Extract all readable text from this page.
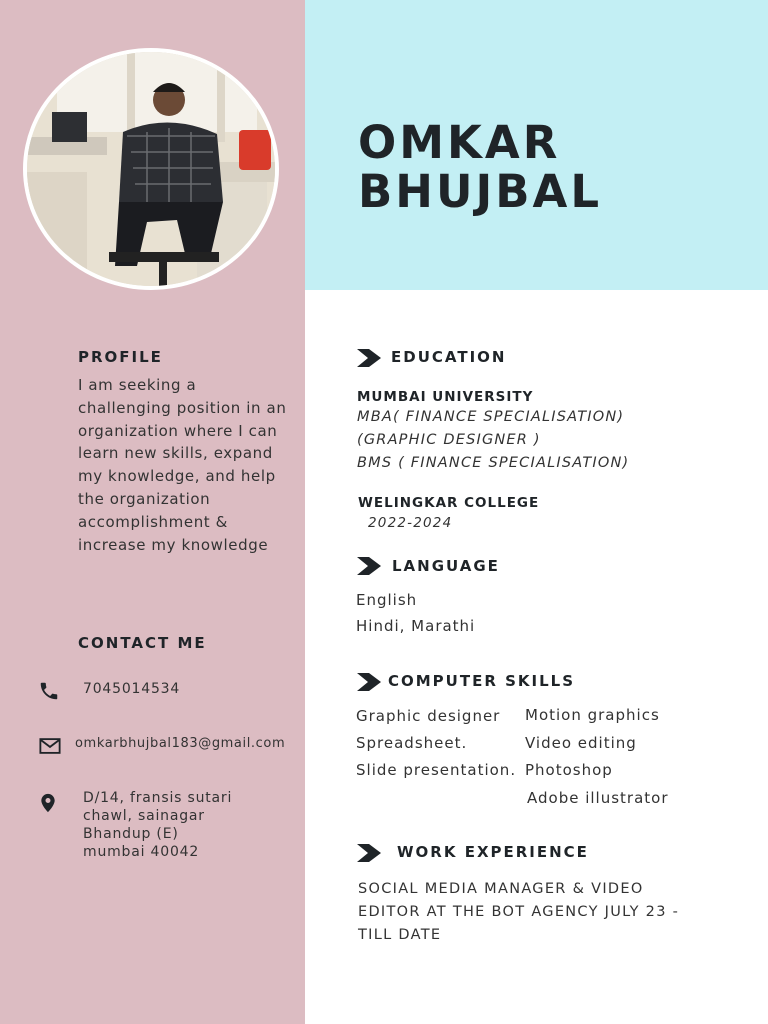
OMKAR
BHUJBAL
PROFILE
I am seeking a challenging position in an organization where I can learn new skills, expand my knowledge, and help the organization accomplishment & increase my knowledge
CONTACT ME
7045014534
omkarbhujbal183@gmail.com
D/14, fransis sutari
chawl, sainagar
Bhandup (E)
mumbai 40042
EDUCATION
MUMBAI UNIVERSITY
MBA( FINANCE SPECIALISATION)
(GRAPHIC DESIGNER )
BMS ( FINANCE SPECIALISATION)
WELINGKAR COLLEGE
2022-2024
LANGUAGE
English
Hindi, Marathi
COMPUTER SKILLS
Graphic designer
Spreadsheet.
Slide presentation.
Motion graphics
Video editing
Photoshop
Adobe illustrator
WORK EXPERIENCE
SOCIAL MEDIA MANAGER & VIDEO EDITOR AT THE BOT AGENCY JULY 23 - TILL DATE
